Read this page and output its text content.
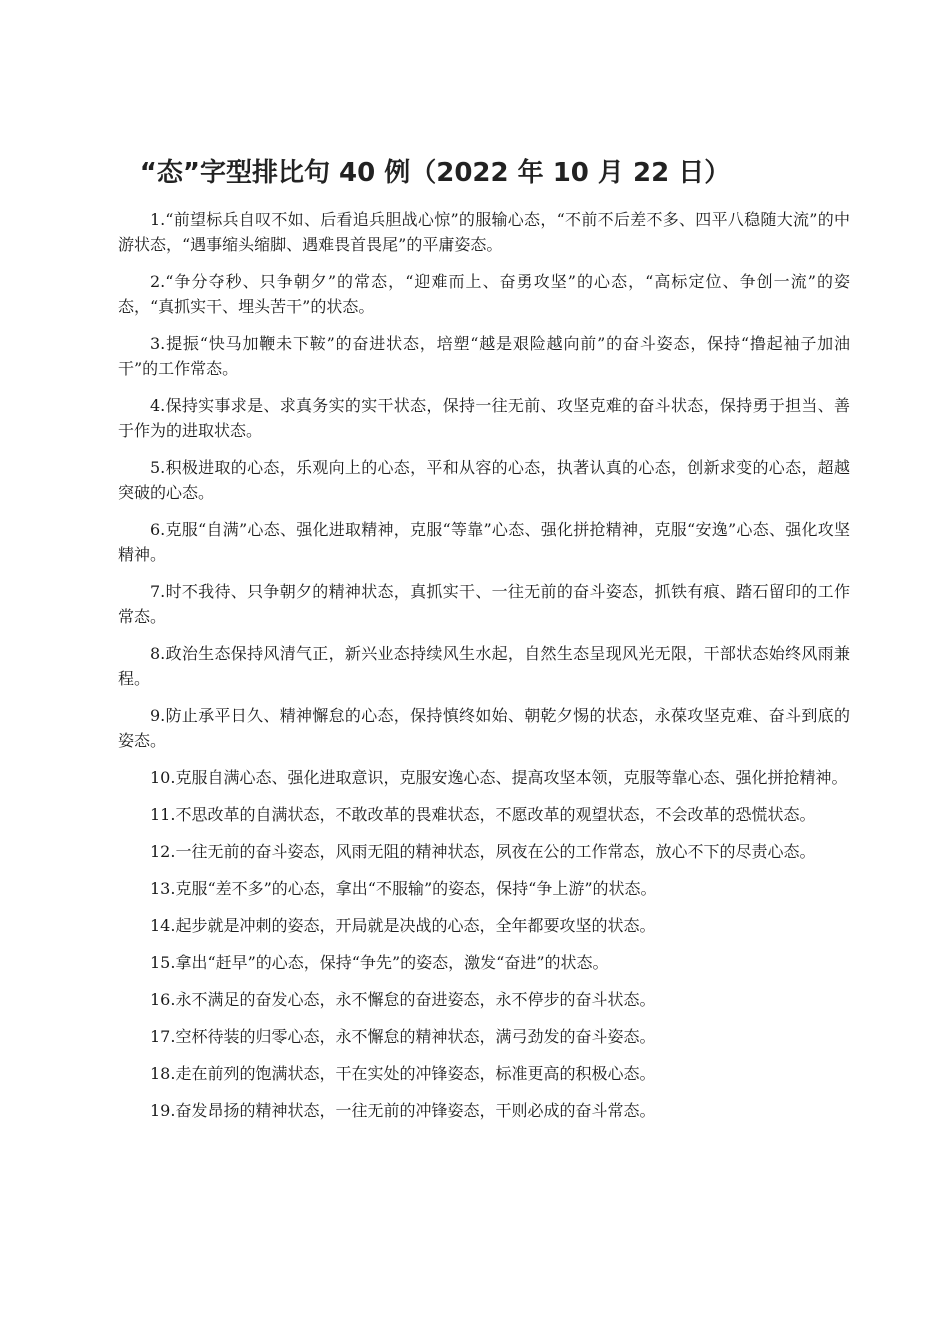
“态”字型排比句 40 例（2022 年 10 月 22 日）

1.“前望标兵自叹不如、后看追兵胆战心惊”的服输心态，“不前不后差不多、四平八稳随大流”的中游状态，“遇事缩头缩脚、遇难畏首畏尾”的平庸姿态。

2.“争分夺秒、只争朝夕”的常态，“迎难而上、奋勇攻坚”的心态，“高标定位、争创一流”的姿态，“真抓实干、埋头苦干”的状态。

3.提振“快马加鞭未下鞍”的奋进状态，培塑“越是艰险越向前”的奋斗姿态，保持“撸起袖子加油干”的工作常态。

4.保持实事求是、求真务实的实干状态，保持一往无前、攻坚克难的奋斗状态，保持勇于担当、善于作为的进取状态。

5.积极进取的心态，乐观向上的心态，平和从容的心态，执著认真的心态，创新求变的心态，超越突破的心态。

6.克服“自满”心态、强化进取精神，克服“等靠”心态、强化拼抢精神，克服“安逸”心态、强化攻坚精神。

7.时不我待、只争朝夕的精神状态，真抓实干、一往无前的奋斗姿态，抓铁有痕、踏石留印的工作常态。

8.政治生态保持风清气正，新兴业态持续风生水起，自然生态呈现风光无限，干部状态始终风雨兼程。

9.防止承平日久、精神懈怠的心态，保持慎终如始、朝乾夕惕的状态，永葆攻坚克难、奋斗到底的姿态。

10.克服自满心态、强化进取意识，克服安逸心态、提高攻坚本领，克服等靠心态、强化拼抢精神。

11.不思改革的自满状态，不敢改革的畏难状态，不愿改革的观望状态，不会改革的恐慌状态。

12.一往无前的奋斗姿态，风雨无阻的精神状态，夙夜在公的工作常态，放心不下的尽责心态。

13.克服“差不多”的心态，拿出“不服输”的姿态，保持“争上游”的状态。

14.起步就是冲刺的姿态，开局就是决战的心态，全年都要攻坚的状态。

15.拿出“赶早”的心态，保持“争先”的姿态，激发“奋进”的状态。

16.永不满足的奋发心态，永不懈怠的奋进姿态，永不停步的奋斗状态。

17.空杯待装的归零心态，永不懈怠的精神状态，满弓劲发的奋斗姿态。

18.走在前列的饱满状态，干在实处的冲锋姿态，标准更高的积极心态。

19.奋发昂扬的精神状态，一往无前的冲锋姿态，干则必成的奋斗常态。
